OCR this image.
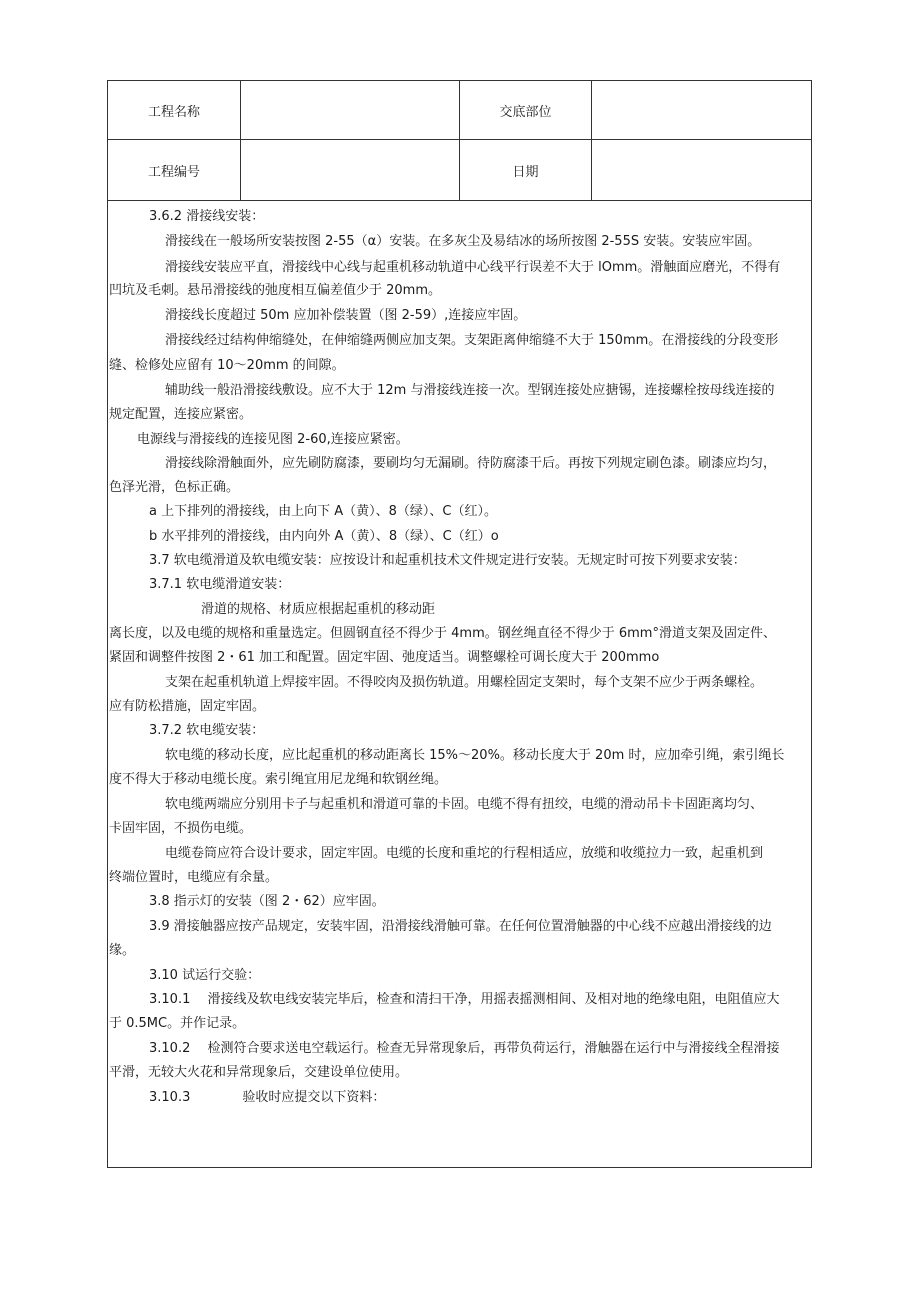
工程名称	交底部位
工程编号	日期
3.6.2 滑接线安装：
滑接线在一般场所安装按图 2-55（α）安装。在多灰尘及易结冰的场所按图 2-55S 安装。安装应牢固。
滑接线安装应平直，滑接线中心线与起重机移动轨道中心线平行误差不大于 lOmm。滑触面应磨光，不得有
凹坑及毛刺。悬吊滑接线的弛度相互偏差值少于 20mm。
滑接线长度超过 50m 应加补偿装置（图 2-59）,连接应牢固。
滑接线经过结构伸缩缝处，在伸缩缝两侧应加支架。支架距离伸缩缝不大于 150mm。在滑接线的分段变形
缝、检修处应留有 10～20mm 的间隙。
辅助线一般沿滑接线敷设。应不大于 12m 与滑接线连接一次。型钢连接处应搪锡，连接螺栓按母线连接的
规定配置，连接应紧密。
电源线与滑接线的连接见图 2-60,连接应紧密。
滑接线除滑触面外，应先刷防腐漆，要刷均匀无漏刷。待防腐漆干后。再按下列规定刷色漆。刷漆应均匀，
色泽光滑，色标正确。
a 上下排列的滑接线，由上向下 A（黄）、8（绿）、C（红）。
b 水平排列的滑接线，由内向外 A（黄）、8（绿）、C（红）o
3.7 软电缆滑道及软电缆安装：应按设计和起重机技术文件规定进行安装。无规定时可按下列要求安装：
3.7.1 软电缆滑道安装：
滑道的规格、材质应根据起重机的移动距
离长度，以及电缆的规格和重量选定。但圆钢直径不得少于 4mm。钢丝绳直径不得少于 6mm°滑道支架及固定件、
紧固和调整件按图 2・61 加工和配置。固定牢固、弛度适当。调整螺栓可调长度大于 200mmo
支架在起重机轨道上焊接牢固。不得咬肉及损伤轨道。用螺栓固定支架时，每个支架不应少于两条螺栓。
应有防松措施，固定牢固。
3.7.2 软电缆安装：
软电缆的移动长度，应比起重机的移动距离长 15%～20%。移动长度大于 20m 时，应加牵引绳，索引绳长
度不得大于移动电缆长度。索引绳宜用尼龙绳和软钢丝绳。
软电缆两端应分别用卡子与起重机和滑道可靠的卡固。电缆不得有扭绞，电缆的滑动吊卡卡固距离均匀、
卡固牢固，不损伤电缆。
电缆卷筒应符合设计要求，固定牢固。电缆的长度和重坨的行程相适应，放缆和收缆拉力一致，起重机到
终端位置时，电缆应有余量。
3.8 指示灯的安装（图 2・62）应牢固。
3.9 滑接触器应按产品规定，安装牢固，沿滑接线滑触可靠。在任何位置滑触器的中心线不应越出滑接线的边
缘。
3.10 试运行交验：
3.10.1　 滑接线及软电线安装完毕后，检查和清扫干净，用摇表摇测相间、及相对地的绝缘电阻，电阻值应大
于 0.5MC。并作记录。
3.10.2　 检测符合要求送电空载运行。检查无异常现象后，再带负荷运行，滑触器在运行中与滑接线全程滑接
平滑，无较大火花和异常现象后，交建设单位使用。
3.10.3　　　　验收时应提交以下资料：
